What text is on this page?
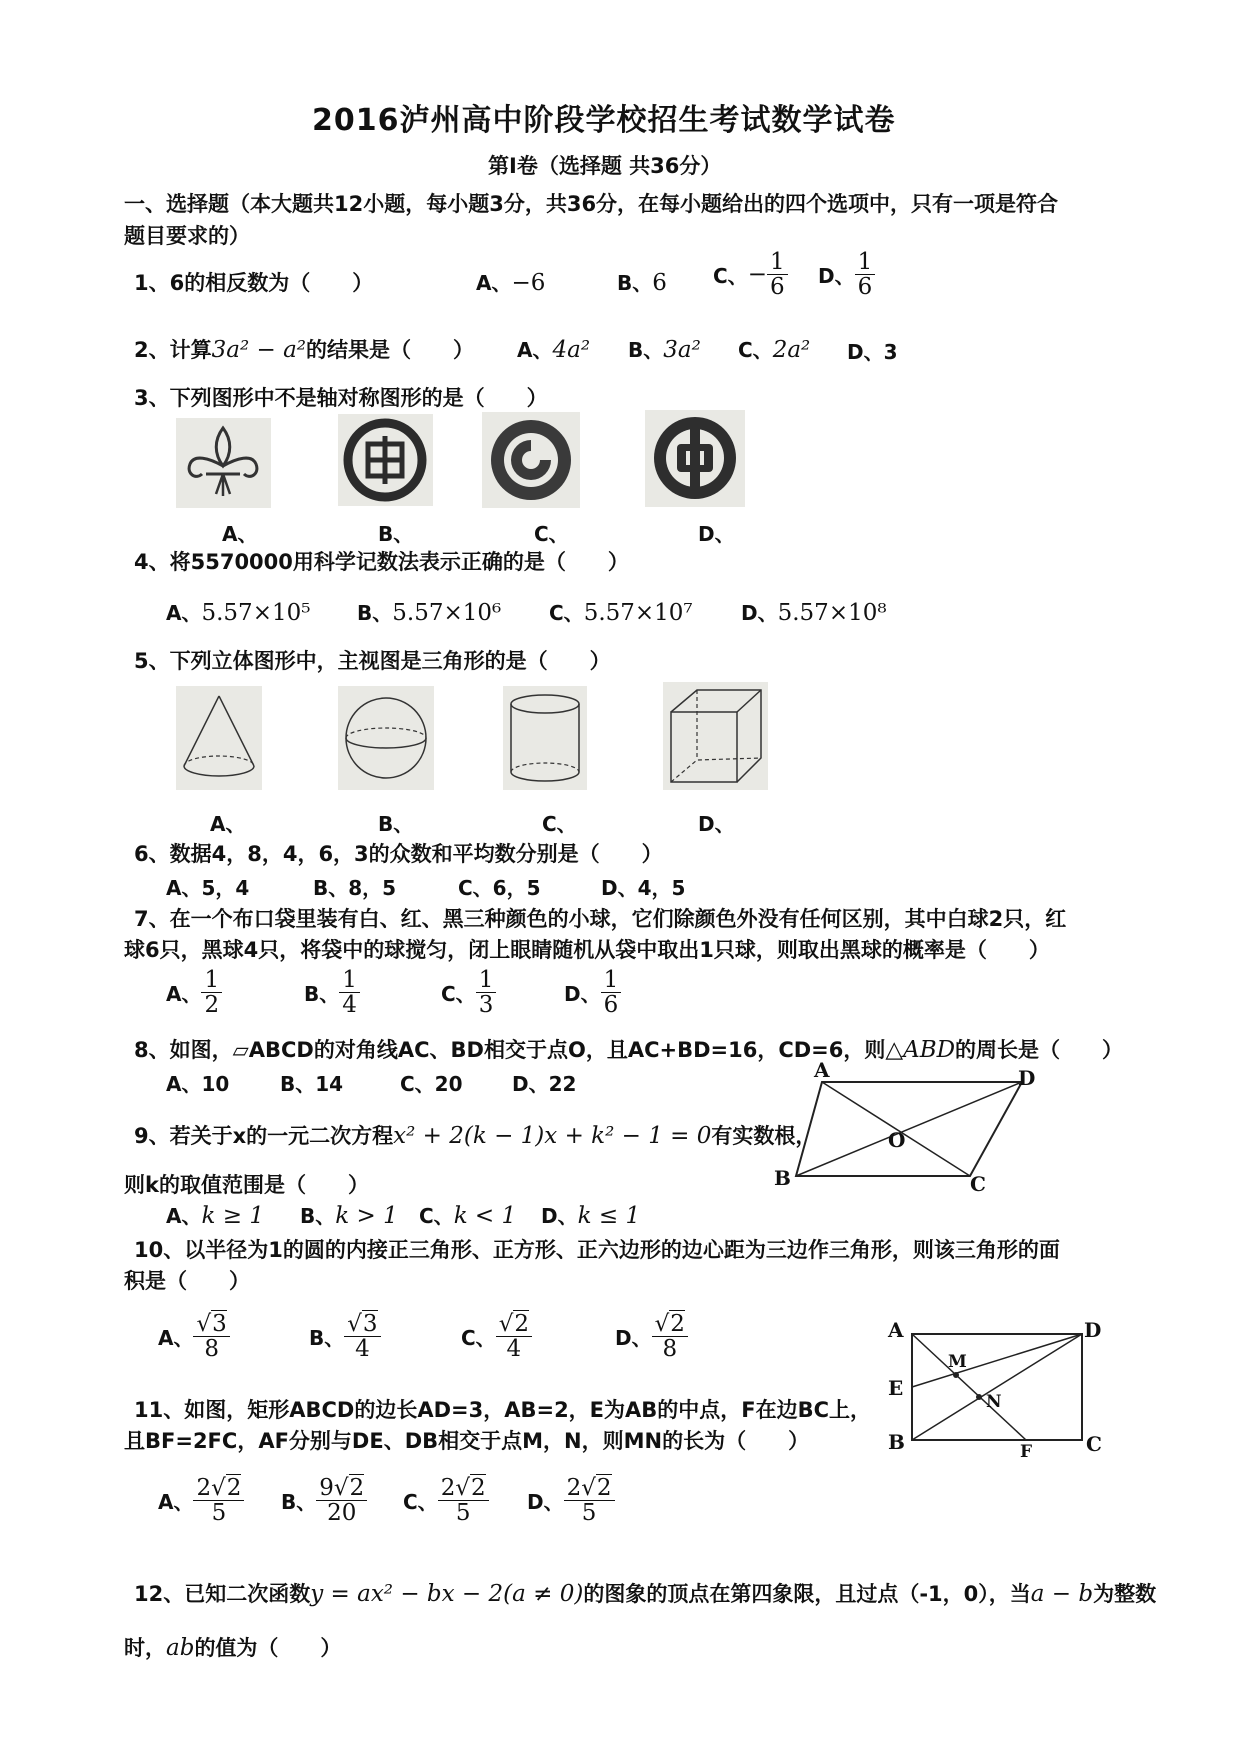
2016泸州高中阶段学校招生考试数学试卷
第Ⅰ卷（选择题 共36分）
一、选择题（本大题共12小题，每小题3分，共36分，在每小题给出的四个选项中，只有一项是符合
题目要求的）
1、6的相反数为（　　）	A、−6	B、6 C、− $\frac{1}{6}$ D、 $\frac{1}{6}$
2、计算3a² − a²的结果是（　　） A、4a² B、3a² C、2a² D、3
3、下列图形中不是轴对称图形的是（　　）
A、	B、	C、	D、
4、将5570000用科学记数法表示正确的是（　　）
A、5.57×10⁵ B、5.57×10⁶ C、5.57×10⁷ D、5.57×10⁸
5、下列立体图形中，主视图是三角形的是（　　）
A、	B、	C、	D、
6、数据4，8，4，6，3的众数和平均数分别是（　　）
A、5，4	B、8，5	C、6，5	D、4，5
7、在一个布口袋里装有白、红、黑三种颜色的小球，它们除颜色外没有任何区别，其中白球2只，红
球6只，黑球4只，将袋中的球搅匀，闭上眼睛随机从袋中取出1只球，则取出黑球的概率是（　　）
A、 $\frac{1}{2}$	B、 $\frac{1}{4}$	C、 $\frac{1}{3}$	D、 $\frac{1}{6}$
8、如图，▱ABCD的对角线AC、BD相交于点O，且AC+BD=16，CD=6，则△ABD的周长是（　　）
A、10	B、14	C、20 D、22
A	D
O
B	C
9、若关于x的一元二次方程x² + 2(k − 1)x + k² − 1 = 0有实数根，
则k的取值范围是（　　）
A、k ≥ 1 B、k > 1 C、k < 1 D、k ≤ 1
10、以半径为1的圆的内接正三角形、正方形、正六边形的边心距为三边作三角形，则该三角形的面
积是（　　）
A、 $\frac{√3}{8}$	B、 $\frac{√3}{4}$	C、 $\frac{√2}{4}$	D、 $\frac{√2}{8}$	A	D
M
E
N
B	F	C
11、如图，矩形ABCD的边长AD=3，AB=2，E为AB的中点，F在边BC上，
且BF=2FC，AF分别与DE、DB相交于点M，N，则MN的长为（　　）
A、 $\frac{2√2}{5}$ B、 $\frac{9√2}{20}$ C、 $\frac{2√2}{5}$ D、 $\frac{2√2}{5}$
12、已知二次函数y = ax² − bx − 2(a ≠ 0)的图象的顶点在第四象限，且过点（-1，0），当a − b为整数
时，ab的值为（　　）
